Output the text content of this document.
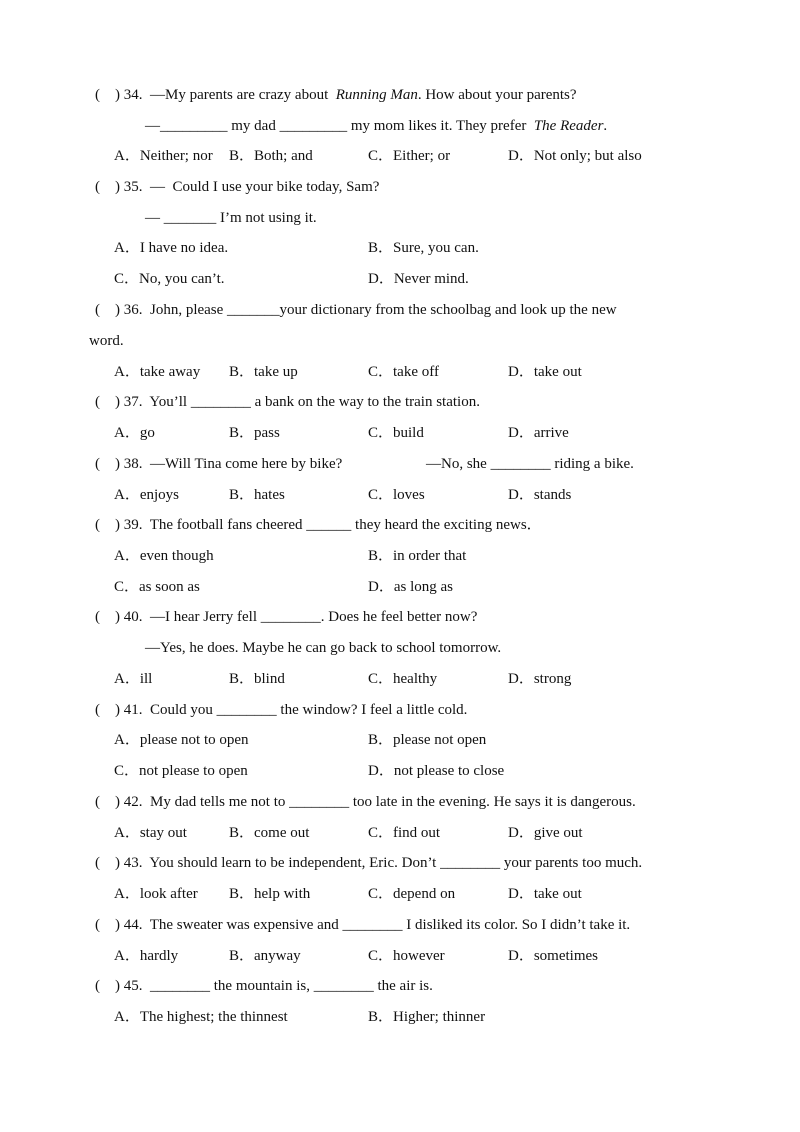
(    ) 34.  —My parents are crazy about  Running Man. How about your parents?
—_________ my dad _________ my mom likes it. They prefer  The Reader.
A．Neither; nor B．Both; and	C．Either; or	D．Not only; but also
(    ) 35.  —  Could I use your bike today, Sam?
— _______ I’m not using it.
A．I have no idea.	B．Sure, you can.
C．No, you can’t.	D．Never mind.
(    ) 36.  John, please _______your dictionary from the schoolbag and look up the new
word.
A．take away B．take up	C．take off	D．take out
(    ) 37.  You’ll ________ a bank on the way to the train station.
A．go	B．pass	C．build	D．arrive
(    ) 38.  —Will Tina come here by bike?	—No, she ________ riding a bike.
A．enjoys	B．hates	C．loves	D．stands
(    ) 39.  The football fans cheered ______ they heard the exciting news．
A．even though	B．in order that
C．as soon as	D．as long as
(    ) 40.  —I hear Jerry fell ________. Does he feel better now?
—Yes, he does. Maybe he can go back to school tomorrow.
A．ill	B．blind	C．healthy	D．strong
(    ) 41.  Could you ________ the window? I feel a little cold.
A．please not to open	B．please not open
C．not please to open	D．not please to close
(    ) 42.  My dad tells me not to ________ too late in the evening. He says it is dangerous.
A．stay out	B．come out	C．find out	D．give out
(    ) 43.  You should learn to be independent, Eric. Don’t ________ your parents too much.
A．look after B．help with	C．depend on	D．take out
(    ) 44.  The sweater was expensive and ________ I disliked its color. So I didn’t take it.
A．hardly	B．anyway	C．however	D．sometimes
(    ) 45.  ________ the mountain is, ________ the air is.
A．The highest; the thinnest	B．Higher; thinner
